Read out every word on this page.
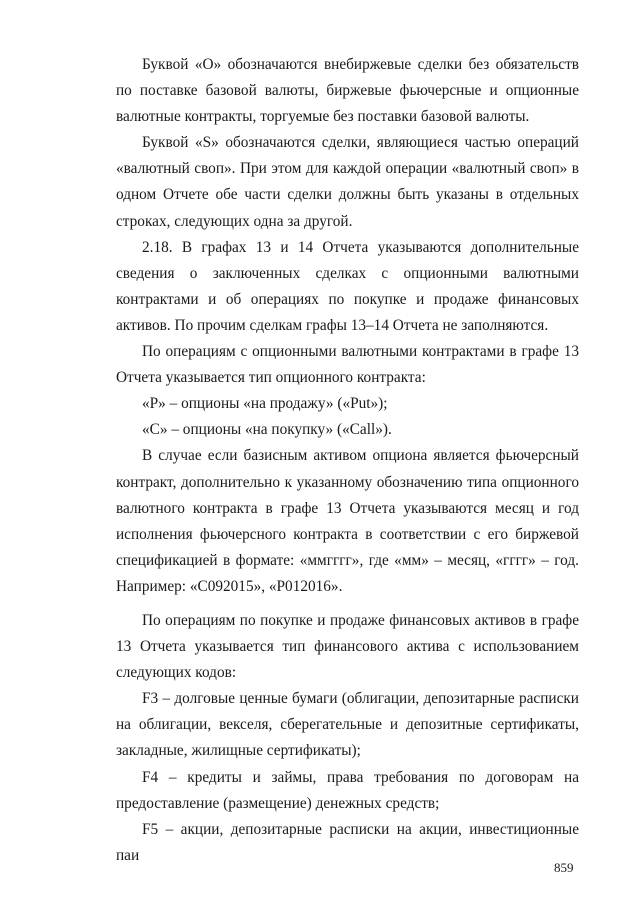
Буквой «О» обозначаются внебиржевые сделки без обязательств по поставке базовой валюты, биржевые фьючерсные и опционные валютные контракты, торгуемые без поставки базовой валюты.

Буквой «S» обозначаются сделки, являющиеся частью операций «валютный своп». При этом для каждой операции «валютный своп» в одном Отчете обе части сделки должны быть указаны в отдельных строках, следующих одна за другой.

2.18. В графах 13 и 14 Отчета указываются дополнительные сведения о заключенных сделках с опционными валютными контрактами и об операциях по покупке и продаже финансовых активов. По прочим сделкам графы 13–14 Отчета не заполняются.

По операциям с опционными валютными контрактами в графе 13 Отчета указывается тип опционного контракта:

«P» – опционы «на продажу» («Put»);

«C» – опционы «на покупку» («Call»).

В случае если базисным активом опциона является фьючерсный контракт, дополнительно к указанному обозначению типа опционного валютного контракта в графе 13 Отчета указываются месяц и год исполнения фьючерсного контракта в соответствии с его биржевой спецификацией в формате: «ммгггг», где «мм» – месяц, «гггг» – год. Например: «C092015», «P012016».

По операциям по покупке и продаже финансовых активов в графе 13 Отчета указывается тип финансового актива с использованием следующих кодов:

F3 – долговые ценные бумаги (облигации, депозитарные расписки на облигации, векселя, сберегательные и депозитные сертификаты, закладные, жилищные сертификаты);

F4 – кредиты и займы, права требования по договорам на предоставление (размещение) денежных средств;

F5 – акции, депозитарные расписки на акции, инвестиционные паи

859
